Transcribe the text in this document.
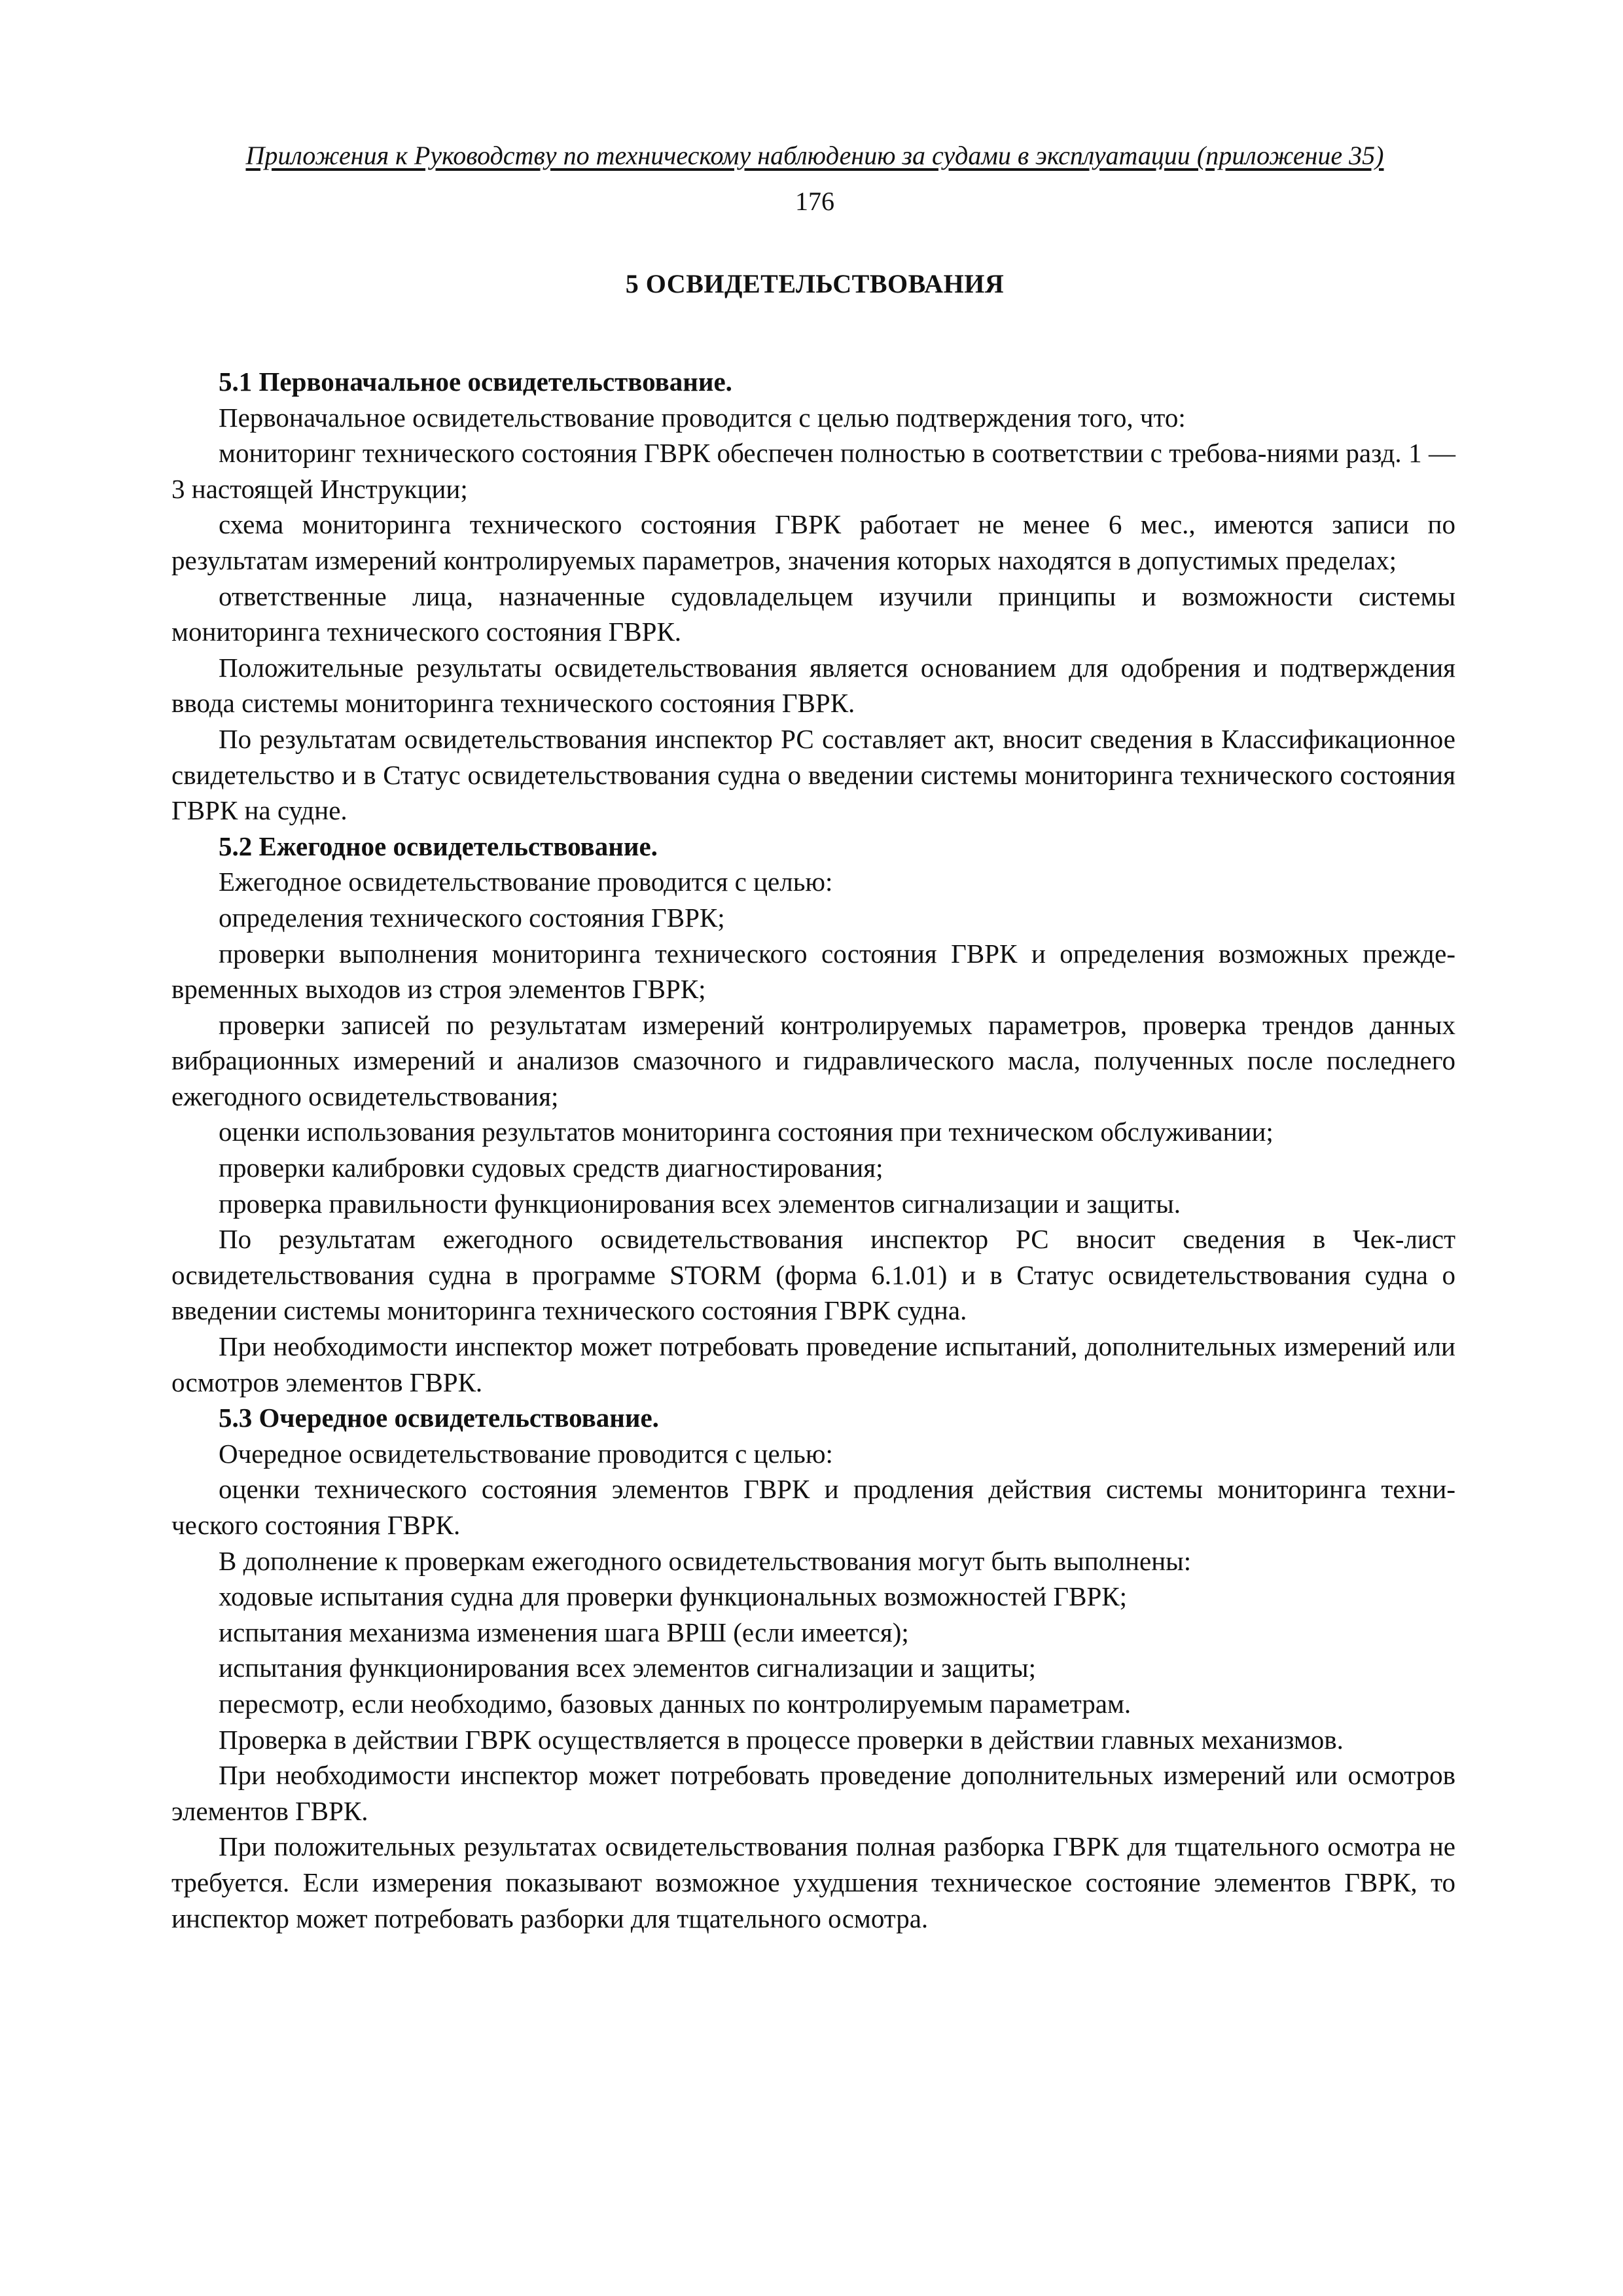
Приложения к Руководству по техническому наблюдению за судами в эксплуатации (приложение 35)
176
5 ОСВИДЕТЕЛЬСТВОВАНИЯ

5.1 Первоначальное освидетельствование.

Первоначальное освидетельствование проводится с целью подтверждения того, что:

мониторинг технического состояния ГВРК обеспечен полностью в соответствии с требова-ниями разд. 1 — 3 настоящей Инструкции;

схема мониторинга технического состояния ГВРК работает не менее 6 мес., имеются записи по результатам измерений контролируемых параметров, значения которых находятся в допустимых пределах;

ответственные лица, назначенные судовладельцем изучили принципы и возможности системы мониторинга технического состояния ГВРК.

Положительные результаты освидетельствования является основанием для одобрения и подтверждения ввода системы мониторинга технического состояния ГВРК.

По результатам освидетельствования инспектор РС составляет акт, вносит сведения в Классификационное свидетельство и в Статус освидетельствования судна о введении системы мониторинга технического состояния ГВРК на судне.

5.2 Ежегодное освидетельствование.

Ежегодное освидетельствование проводится с целью:

определения технического состояния ГВРК;

проверки выполнения мониторинга технического состояния ГВРК и определения возможных прежде-временных выходов из строя элементов ГВРК;

проверки записей по результатам измерений контролируемых параметров, проверка трендов данных вибрационных измерений и анализов смазочного и гидравлического масла, полученных после последнего ежегодного освидетельствования;

оценки использования результатов мониторинга состояния при техническом обслуживании;

проверки калибровки судовых средств диагностирования;

проверка правильности функционирования всех элементов сигнализации и защиты.

По результатам ежегодного освидетельствования инспектор РС вносит сведения в Чек-лист освидетельствования судна в программе STORM (форма 6.1.01) и в Статус освидетельствования судна о введении системы мониторинга технического состояния ГВРК судна.

При необходимости инспектор может потребовать проведение испытаний, дополнительных измерений или осмотров элементов ГВРК.

5.3 Очередное освидетельствование.

Очередное освидетельствование проводится с целью:

оценки технического состояния элементов ГВРК и продления действия системы мониторинга техни-ческого состояния ГВРК.

В дополнение к проверкам ежегодного освидетельствования могут быть выполнены:

ходовые испытания судна для проверки функциональных возможностей ГВРК;

испытания механизма изменения шага ВРШ (если имеется);

испытания функционирования всех элементов сигнализации и защиты;

пересмотр, если необходимо, базовых данных по контролируемым параметрам.

Проверка в действии ГВРК осуществляется в процессе проверки в действии главных механизмов.

При необходимости инспектор может потребовать проведение дополнительных измерений или осмотров элементов ГВРК.

При положительных результатах освидетельствования полная разборка ГВРК для тщательного осмотра не требуется. Если измерения показывают возможное ухудшения техническое состояние элементов ГВРК, то инспектор может потребовать разборки для тщательного осмотра.
